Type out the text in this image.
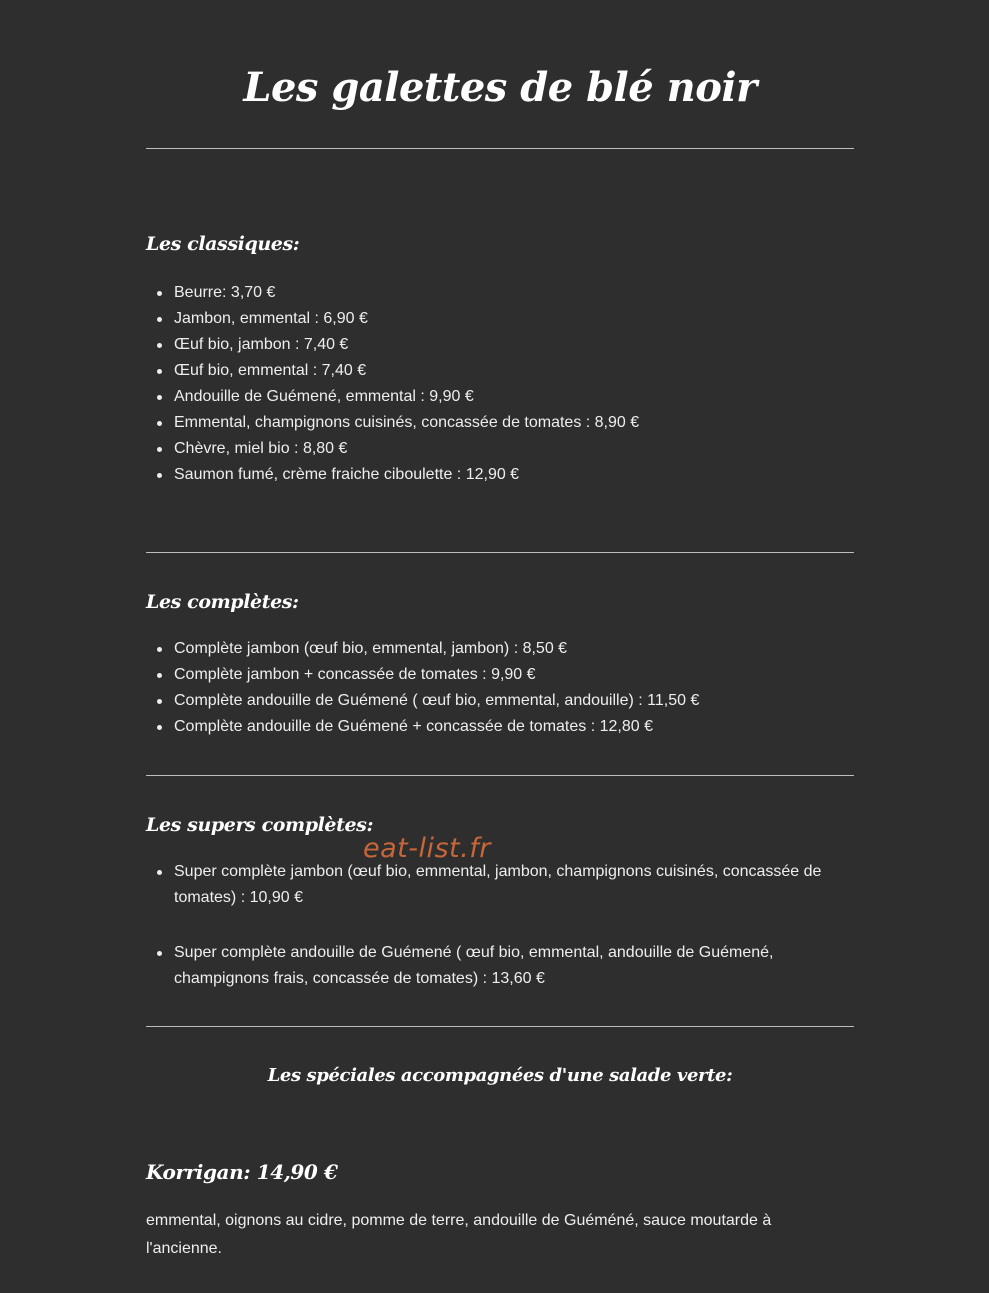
Les galettes de blé noir
Les classiques:
Beurre: 3,70 €
Jambon, emmental : 6,90 €
Œuf bio, jambon : 7,40 €
Œuf bio, emmental : 7,40 €
Andouille de Guémené, emmental : 9,90 €
Emmental, champignons cuisinés, concassée de tomates : 8,90 €
Chèvre, miel bio : 8,80 €
Saumon fumé, crème fraiche ciboulette : 12,90 €
Les complètes:
Complète jambon (œuf bio, emmental, jambon) : 8,50 €
Complète jambon + concassée de tomates : 9,90 €
Complète andouille de Guémené ( œuf bio, emmental, andouille) : 11,50 €
Complète andouille de Guémené + concassée de tomates : 12,80 €
Les supers complètes:
Super complète jambon (œuf bio, emmental, jambon, champignons cuisinés, concassée de tomates) : 10,90 €
Super complète andouille de Guémené ( œuf bio, emmental, andouille de Guémené, champignons frais, concassée de tomates) : 13,60 €
Les spéciales accompagnées d'une salade verte:
Korrigan: 14,90 €

emmental, oignons au cidre, pomme de terre, andouille de Guéméné, sauce moutarde à l'ancienne.

eat-list.fr
